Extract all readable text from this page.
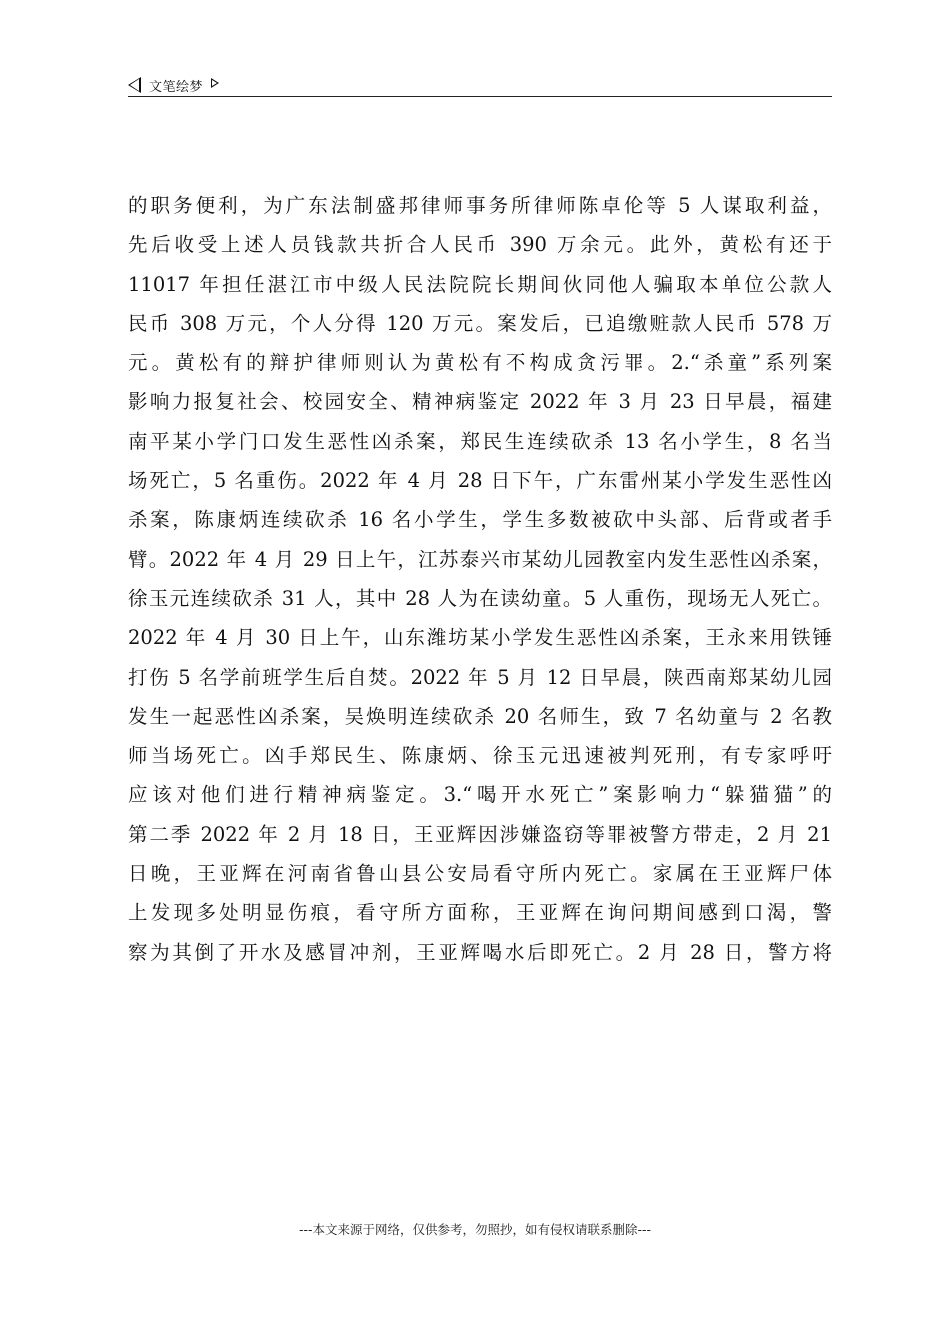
文笔绘梦
的职务便利，为广东法制盛邦律师事务所律师陈卓伦等 5 人谋取利益，
先后收受上述人员钱款共折合人民币 390 万余元。此外，黄松有还于
11017 年担任湛江市中级人民法院院长期间伙同他人骗取本单位公款人
民币 308 万元，个人分得 120 万元。案发后，已追缴赃款人民币 578 万
元。黄松有的辩护律师则认为黄松有不构成贪污罪。2.“杀童”系列案
影响力报复社会、校园安全、精神病鉴定 2022 年 3 月 23 日早晨，福建
南平某小学门口发生恶性凶杀案，郑民生连续砍杀 13 名小学生，8 名当
场死亡，5 名重伤。2022 年 4 月 28 日下午，广东雷州某小学发生恶性凶
杀案，陈康炳连续砍杀 16 名小学生，学生多数被砍中头部、后背或者手
臂。2022 年 4 月 29 日上午，江苏泰兴市某幼儿园教室内发生恶性凶杀案，
徐玉元连续砍杀 31 人，其中 28 人为在读幼童。5 人重伤，现场无人死亡。
2022 年 4 月 30 日上午，山东潍坊某小学发生恶性凶杀案，王永来用铁锤
打伤 5 名学前班学生后自焚。2022 年 5 月 12 日早晨，陕西南郑某幼儿园
发生一起恶性凶杀案，吴焕明连续砍杀 20 名师生，致 7 名幼童与 2 名教
师当场死亡。凶手郑民生、陈康炳、徐玉元迅速被判死刑，有专家呼吁
应该对他们进行精神病鉴定。3.“喝开水死亡”案影响力“躲猫猫”的
第二季 2022 年 2 月 18 日，王亚辉因涉嫌盗窃等罪被警方带走，2 月 21
日晚，王亚辉在河南省鲁山县公安局看守所内死亡。家属在王亚辉尸体
上发现多处明显伤痕，看守所方面称，王亚辉在询问期间感到口渴，警
察为其倒了开水及感冒冲剂，王亚辉喝水后即死亡。2 月 28 日，警方将
---本文来源于网络，仅供参考，勿照抄，如有侵权请联系删除---
